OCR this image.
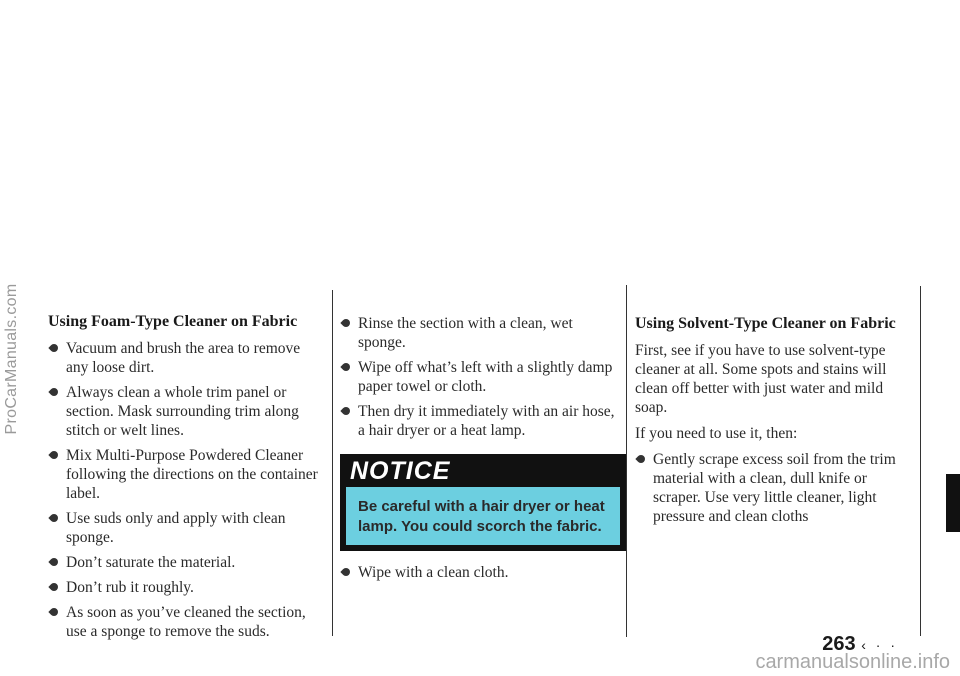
ProCarManuals.com Using Foam-Type Cleaner on Fabric
Vacuum and brush the area to remove any loose dirt.
Always clean a whole trim panel or section. Mask surrounding trim along stitch or welt lines.
Mix Multi-Purpose Powdered Cleaner following the directions on the container label.
Use suds only and apply with clean sponge.
Don’t saturate the material.
Don’t rub it roughly.
As soon as you’ve cleaned the section, use a sponge to remove the suds.
Rinse the section with a clean, wet sponge.
Wipe off what’s left with a slightly damp paper towel or cloth.
Then dry it immediately with an air hose, a hair dryer or a heat lamp.
NOTICE
Be careful with a hair dryer or heat lamp. You could scorch the fabric.
Wipe with a clean cloth.
Using Solvent-Type Cleaner on Fabric

First, see if you have to use solvent-type cleaner at all. Some spots and stains will clean off better with just water and mild soap.

If you need to use it, then:

Gently scrape excess soil from the trim material with a clean, dull knife or scraper. Use very little cleaner, light pressure and clean cloths
263 ‹ · ·
carmanualsonline.info
